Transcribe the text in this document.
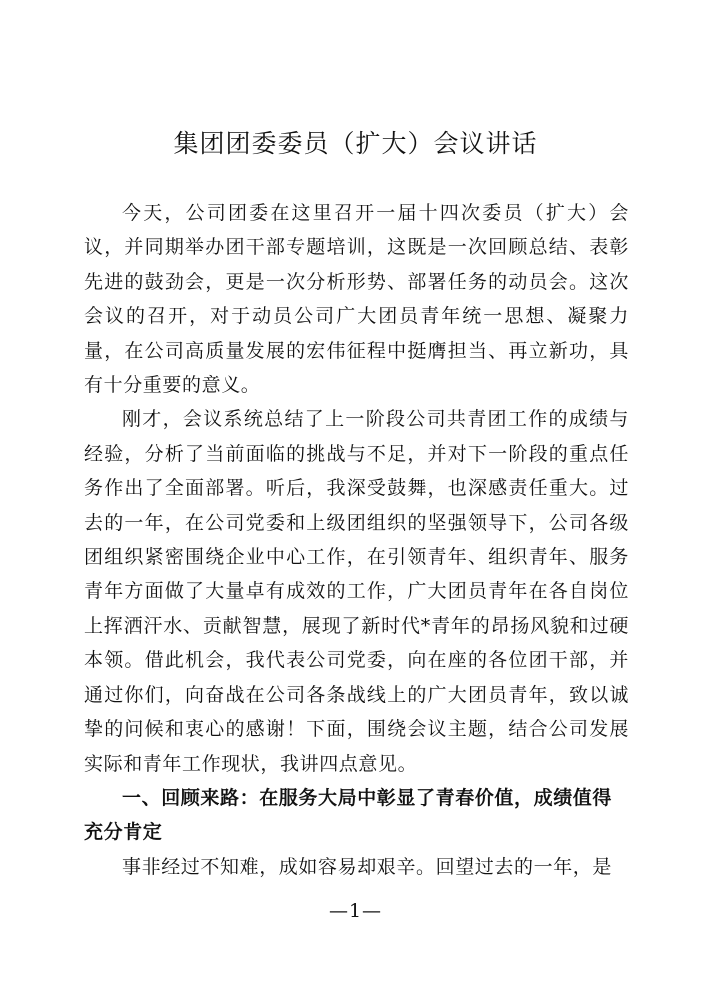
集团团委委员（扩大）会议讲话

今天，公司团委在这里召开一届十四次委员（扩大）会议，并同期举办团干部专题培训，这既是一次回顾总结、表彰先进的鼓劲会，更是一次分析形势、部署任务的动员会。这次会议的召开，对于动员公司广大团员青年统一思想、凝聚力量，在公司高质量发展的宏伟征程中挺膺担当、再立新功，具有十分重要的意义。

刚才，会议系统总结了上一阶段公司共青团工作的成绩与经验，分析了当前面临的挑战与不足，并对下一阶段的重点任务作出了全面部署。听后，我深受鼓舞，也深感责任重大。过去的一年，在公司党委和上级团组织的坚强领导下，公司各级团组织紧密围绕企业中心工作，在引领青年、组织青年、服务青年方面做了大量卓有成效的工作，广大团员青年在各自岗位上挥洒汗水、贡献智慧，展现了新时代*青年的昂扬风貌和过硬本领。借此机会，我代表公司党委，向在座的各位团干部，并通过你们，向奋战在公司各条战线上的广大团员青年，致以诚挚的问候和衷心的感谢！下面，围绕会议主题，结合公司发展实际和青年工作现状，我讲四点意见。

一、回顾来路：在服务大局中彰显了青春价值，成绩值得充分肯定

事非经过不知难，成如容易却艰辛。回望过去的一年，是

—1—
